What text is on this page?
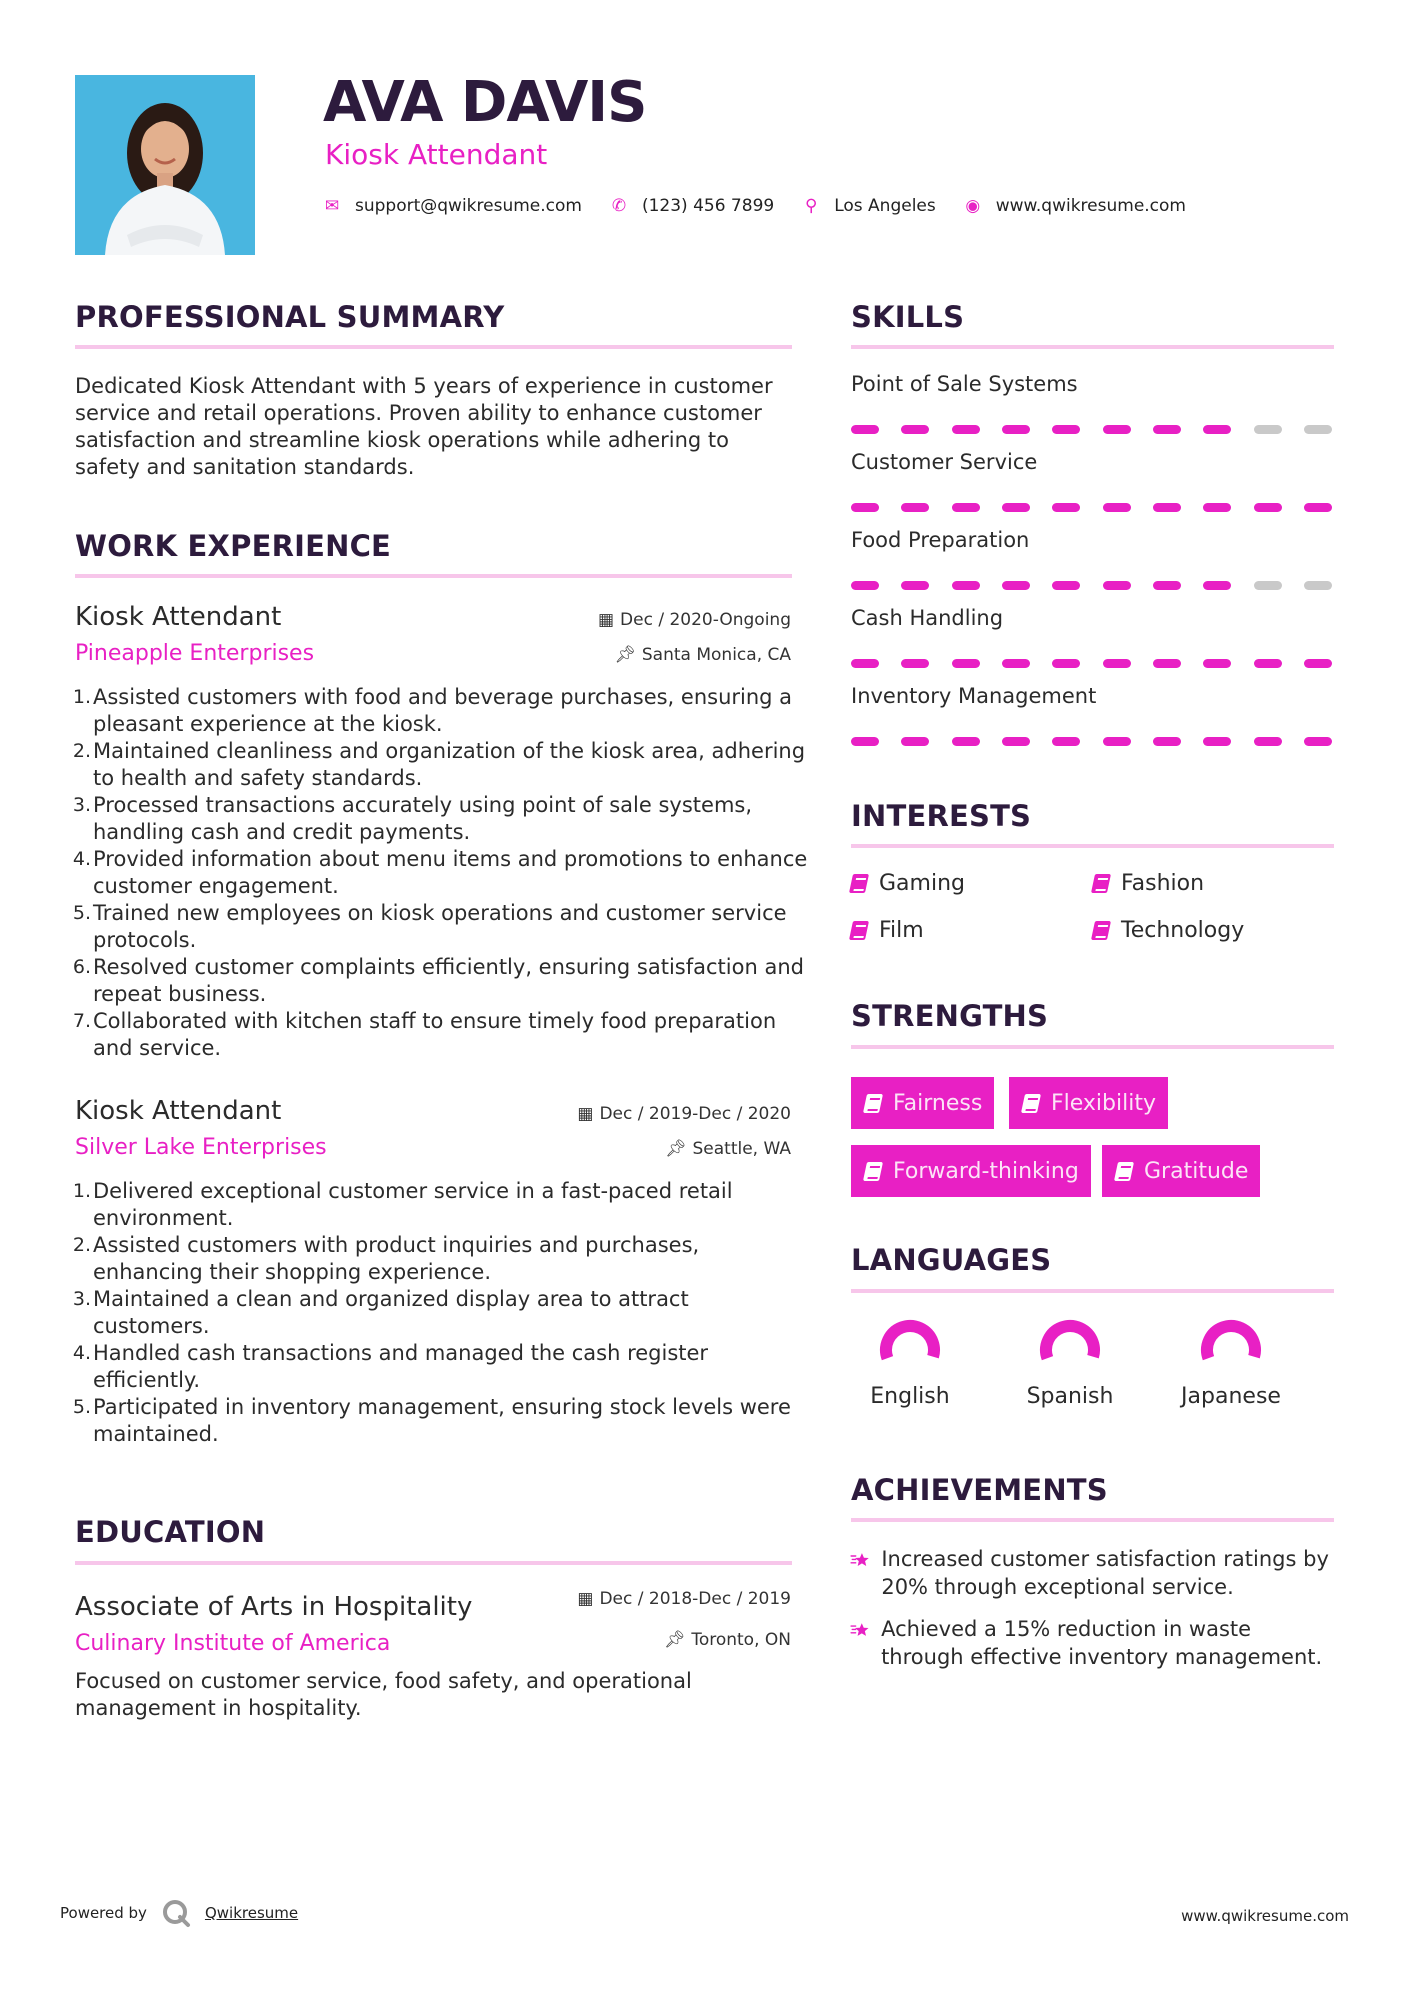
AVA DAVIS
Kiosk Attendant
✉ support@qwikresume.com ✆ (123) 456 7899 ⚲ Los Angeles ◉ www.qwikresume.com
PROFESSIONAL SUMMARY
Dedicated Kiosk Attendant with 5 years of experience in customer service and retail operations. Proven ability to enhance customer satisfaction and streamline kiosk operations while adhering to safety and sanitation standards.
WORK EXPERIENCE
Kiosk Attendant	▦ Dec / 2020-Ongoing
Pineapple Enterprises	📌︎ Santa Monica, CA
Assisted customers with food and beverage purchases, ensuring a pleasant experience at the kiosk.
Maintained cleanliness and organization of the kiosk area, adhering to health and safety standards.
Processed transactions accurately using point of sale systems, handling cash and credit payments.
Provided information about menu items and promotions to enhance customer engagement.
Trained new employees on kiosk operations and customer service protocols.
Resolved customer complaints efficiently, ensuring satisfaction and repeat business.
Collaborated with kitchen staff to ensure timely food preparation and service.
Kiosk Attendant	▦ Dec / 2019-Dec / 2020
Silver Lake Enterprises	📌︎ Seattle, WA
Delivered exceptional customer service in a fast-paced retail environment.
Assisted customers with product inquiries and purchases, enhancing their shopping experience.
Maintained a clean and organized display area to attract customers.
Handled cash transactions and managed the cash register efficiently.
Participated in inventory management, ensuring stock levels were maintained.
EDUCATION
Associate of Arts in Hospitality	▦ Dec / 2018-Dec / 2019
Culinary Institute of America	📌︎ Toronto, ON
Focused on customer service, food safety, and operational management in hospitality.
SKILLS
Point of Sale Systems
Customer Service
Food Preparation
Cash Handling
Inventory Management
INTERESTS
Gaming	Fashion
Film	Technology
STRENGTHS
Fairness	Flexibility
Forward-thinking	Gratitude
LANGUAGES
English	Spanish	Japanese
ACHIEVEMENTS
Increased customer satisfaction ratings by 20% through exceptional service.
Achieved a 15% reduction in waste through effective inventory management.
Powered by	Qwikresume	www.qwikresume.com
